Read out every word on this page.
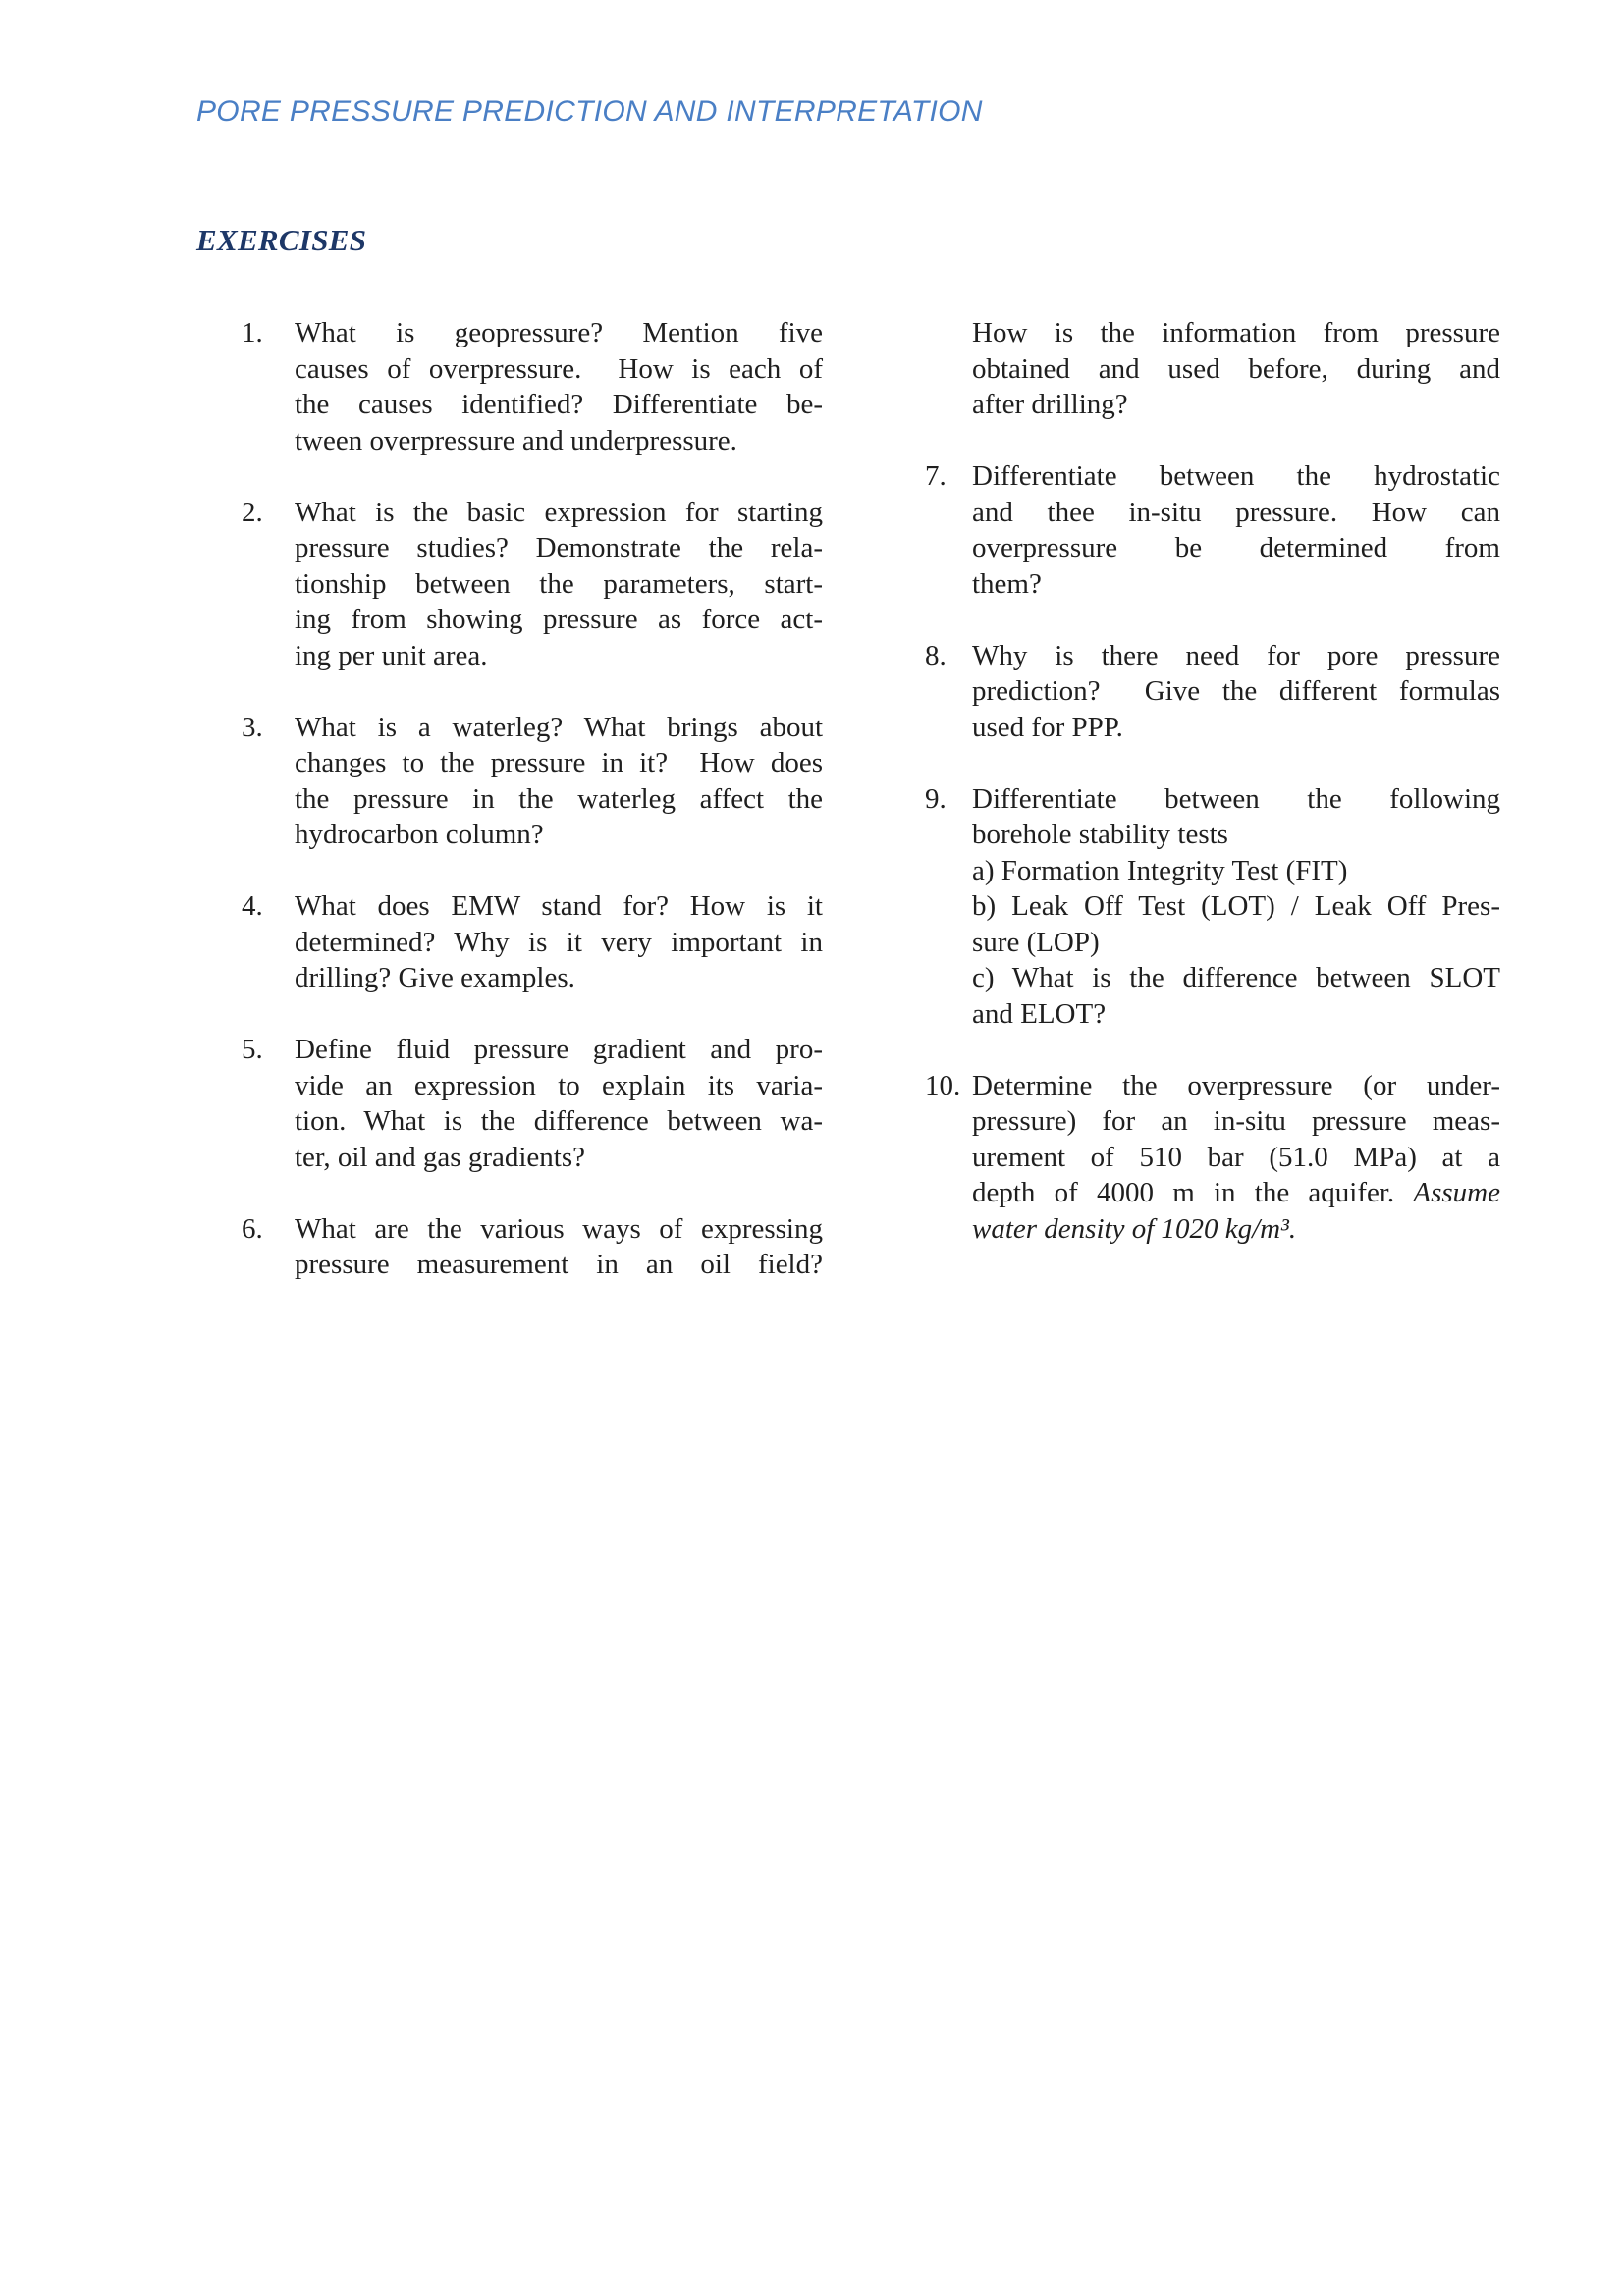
PORE PRESSURE PREDICTION AND INTERPRETATION
EXERCISES
1.	What is geopressure? Mention five
causes of overpressure.  How is each of
the causes identified? Differentiate be-
tween overpressure and underpressure.
2.	What is the basic expression for starting
pressure studies? Demonstrate the rela-
tionship between the parameters, start-
ing from showing pressure as force act-
ing per unit area.
3.	What is a waterleg? What brings about
changes to the pressure in it?  How does
the pressure in the waterleg affect the
hydrocarbon column?
4.	What does EMW stand for? How is it
determined? Why is it very important in
drilling? Give examples.
5.	Define fluid pressure gradient and pro-
vide an expression to explain its varia-
tion. What is the difference between wa-
ter, oil and gas gradients?
6.	What are the various ways of expressing
pressure measurement in an oil field?
How is the information from pressure
obtained and used before, during and
after drilling?
7. Differentiate between the hydrostatic
and thee in-situ pressure. How can
overpressure be determined from
them?
8. Why is there need for pore pressure
prediction?  Give the different formulas
used for PPP.
9. Differentiate between the following
borehole stability tests
a) Formation Integrity Test (FIT)
b) Leak Off Test (LOT) / Leak Off Pres-
sure (LOP)
c) What is the difference between SLOT
and ELOT?
10. Determine the overpressure (or under-
pressure) for an in-situ pressure meas-
urement of 510 bar (51.0 MPa) at a
depth of 4000 m in the aquifer. Assume
water density of 1020 kg/m³.
